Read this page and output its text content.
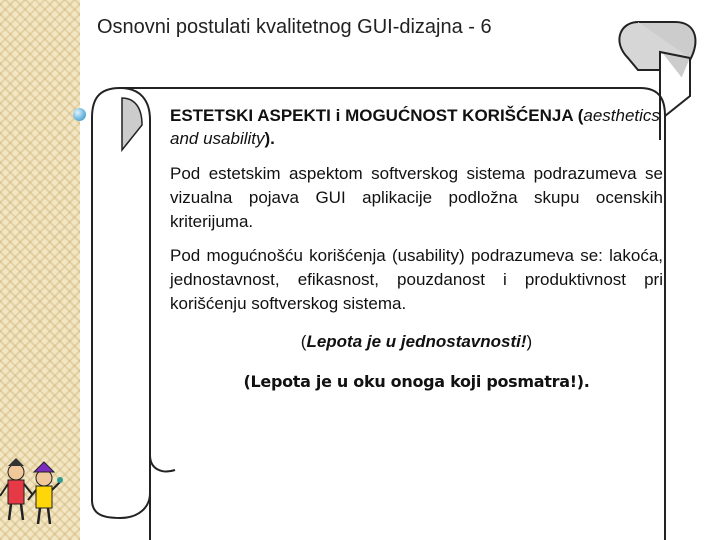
Osnovni postulati kvalitetnog GUI-dizajna - 6
ESTETSKI ASPEKTI i MOGUĆNOST KORIŠĆENJA (aesthetics and usability).
Pod estetskim aspektom softverskog sistema podrazumeva se vizualna pojava GUI aplikacije podložna skupu ocenskih kriterijuma.
Pod mogućnošću korišćenja (usability) podrazumeva se: lakoća, jednostavnost, efikasnost, pouzdanost i produktivnost pri korišćenju softverskog sistema.
(Lepota je u jednostavnosti!)
(Lepota je u oku onoga koji posmatra!).
